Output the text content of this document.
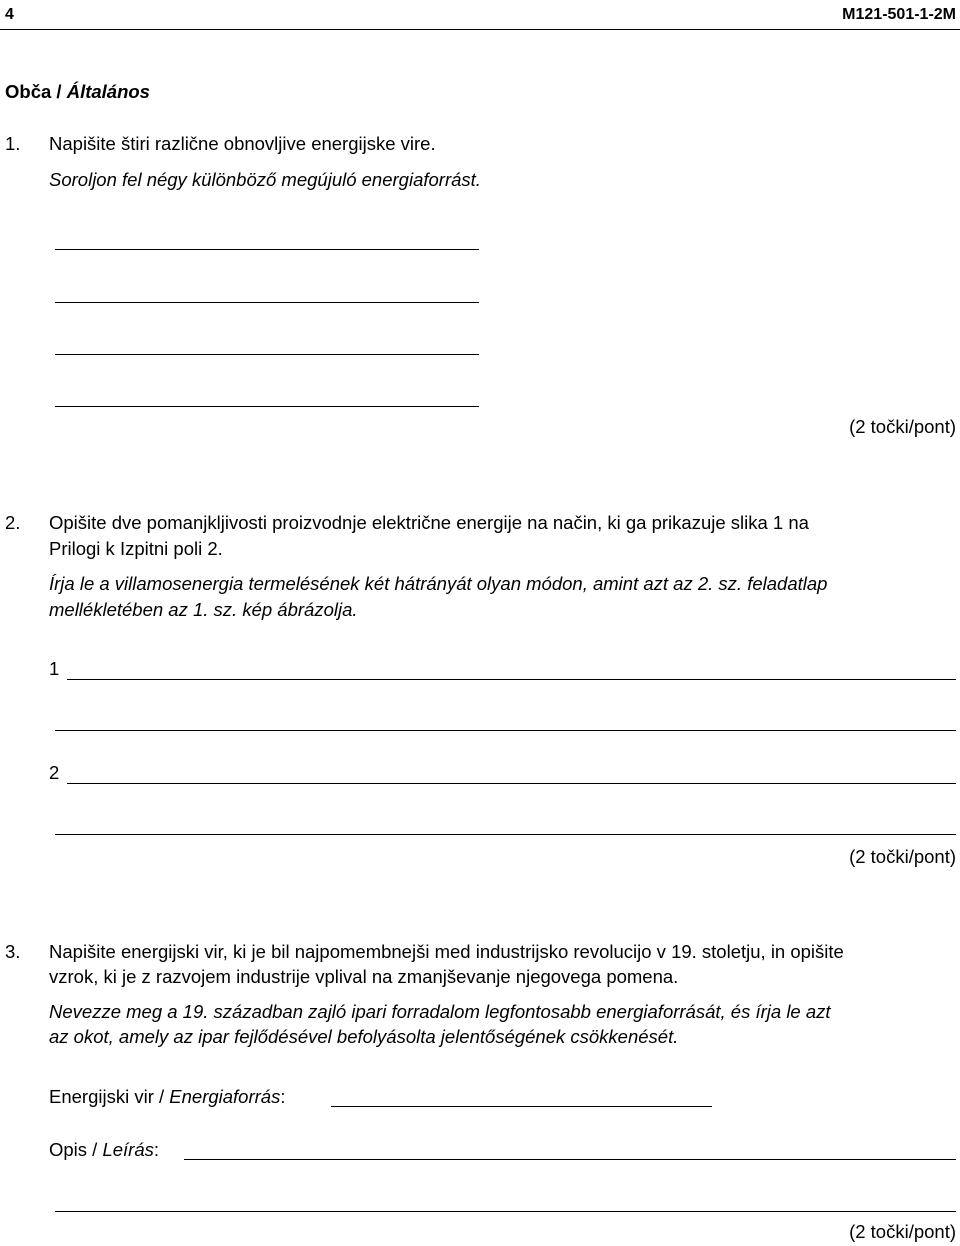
4	M121-501-1-2M
Obča / Általános
1. Napišite štiri različne obnovljive energijske vire.
Soroljon fel négy különböző megújuló energiaforrást.
(2 točki/pont)
2. Opišite dve pomanjkljivosti proizvodnje električne energije na način, ki ga prikazuje slika 1 na
Prilogi k Izpitni poli 2.
Írja le a villamosenergia termelésének két hátrányát olyan módon, amint azt az 2. sz. feladatlap
mellékletében az 1. sz. kép ábrázolja.
1
2
(2 točki/pont)
3. Napišite energijski vir, ki je bil najpomembnejši med industrijsko revolucijo v 19. stoletju, in opišite
vzrok, ki je z razvojem industrije vplival na zmanjševanje njegovega pomena.
Nevezze meg a 19. században zajló ipari forradalom legfontosabb energiaforrását, és írja le azt
az okot, amely az ipar fejlődésével befolyásolta jelentőségének csökkenését.
Energijski vir / Energiaforrás:
Opis / Leírás:
(2 točki/pont)
